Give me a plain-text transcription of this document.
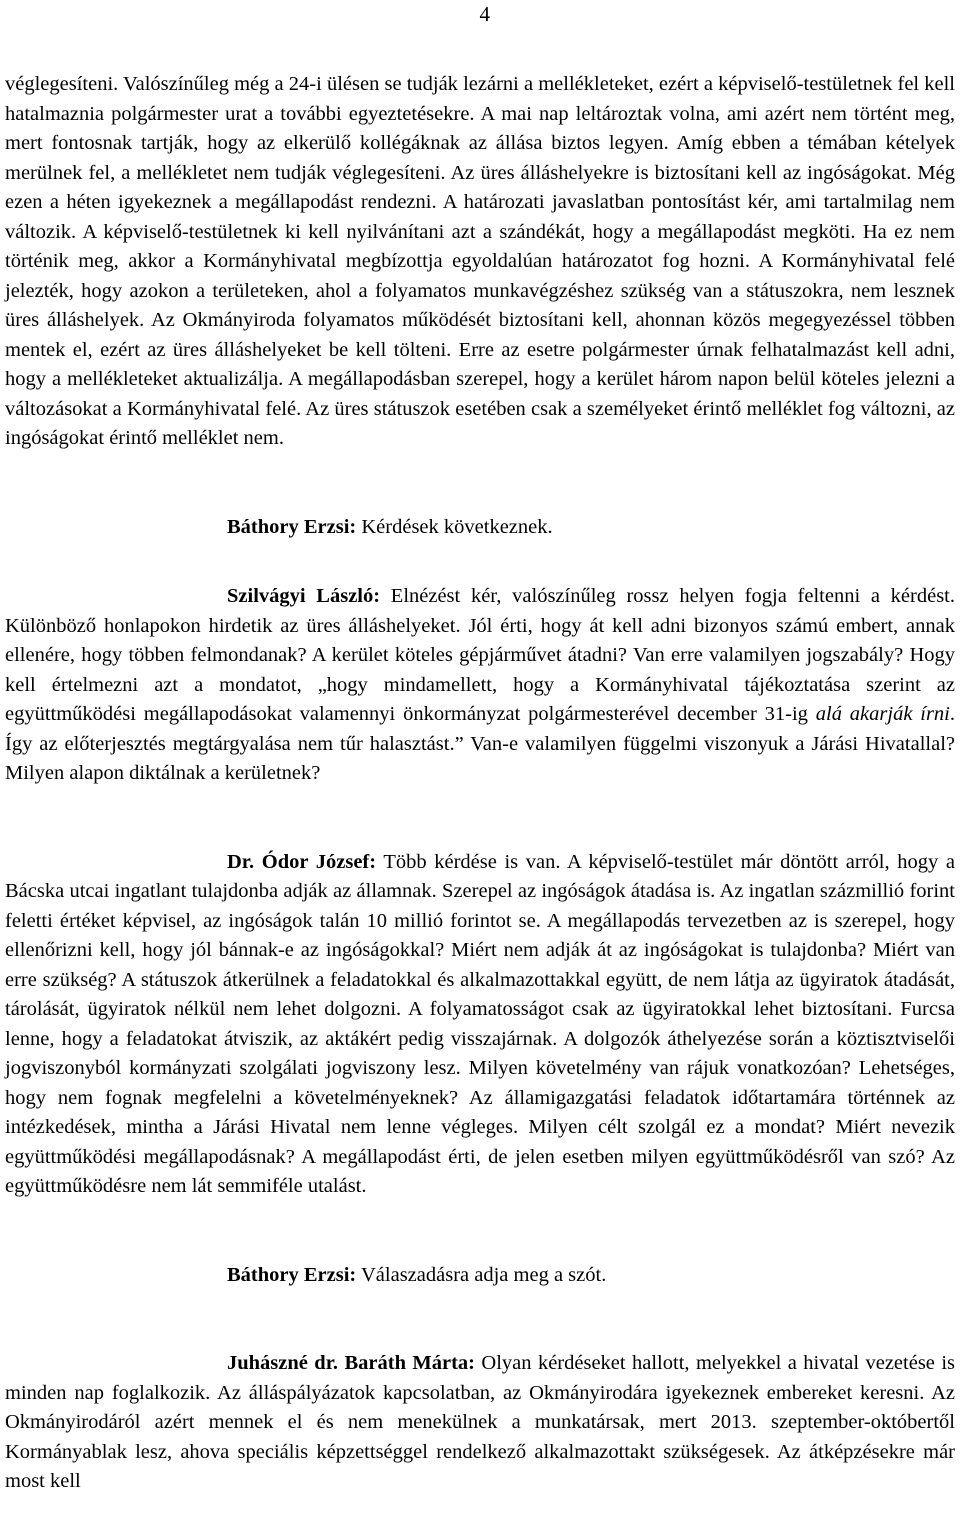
4

véglegesíteni. Valószínűleg még a 24-i ülésen se tudják lezárni a mellékleteket, ezért a képviselő-testületnek fel kell hatalmaznia polgármester urat a további egyeztetésekre. A mai nap leltároztak volna, ami azért nem történt meg, mert fontosnak tartják, hogy az elkerülő kollégáknak az állása biztos legyen. Amíg ebben a témában kételyek merülnek fel, a mellékletet nem tudják véglegesíteni. Az üres álláshelyekre is biztosítani kell az ingóságokat. Még ezen a héten igyekeznek a megállapodást rendezni. A határozati javaslatban pontosítást kér, ami tartalmilag nem változik. A képviselő-testületnek ki kell nyilvánítani azt a szándékát, hogy a megállapodást megköti. Ha ez nem történik meg, akkor a Kormányhivatal megbízottja egyoldalúan határozatot fog hozni. A Kormányhivatal felé jelezték, hogy azokon a területeken, ahol a folyamatos munkavégzéshez szükség van a státuszokra, nem lesznek üres álláshelyek. Az Okmányiroda folyamatos működését biztosítani kell, ahonnan közös megegyezéssel többen mentek el, ezért az üres álláshelyeket be kell tölteni. Erre az esetre polgármester úrnak felhatalmazást kell adni, hogy a mellékleteket aktualizálja. A megállapodásban szerepel, hogy a kerület három napon belül köteles jelezni a változásokat a Kormányhivatal felé. Az üres státuszok esetében csak a személyeket érintő melléklet fog változni, az ingóságokat érintő melléklet nem.

Báthory Erzsi: Kérdések következnek.

Szilvágyi László: Elnézést kér, valószínűleg rossz helyen fogja feltenni a kérdést. Különböző honlapokon hirdetik az üres álláshelyeket. Jól érti, hogy át kell adni bizonyos számú embert, annak ellenére, hogy többen felmondanak? A kerület köteles gépjárművet átadni? Van erre valamilyen jogszabály? Hogy kell értelmezni azt a mondatot, „hogy mindamellett, hogy a Kormányhivatal tájékoztatása szerint az együttműködési megállapodásokat valamennyi önkormányzat polgármesterével december 31-ig alá akarják írni. Így az előterjesztés megtárgyalása nem tűr halasztást.” Van-e valamilyen függelmi viszonyuk a Járási Hivatallal? Milyen alapon diktálnak a kerületnek?

Dr. Ódor József: Több kérdése is van. A képviselő-testület már döntött arról, hogy a Bácska utcai ingatlant tulajdonba adják az államnak. Szerepel az ingóságok átadása is. Az ingatlan százmillió forint feletti értéket képvisel, az ingóságok talán 10 millió forintot se. A megállapodás tervezetben az is szerepel, hogy ellenőrizni kell, hogy jól bánnak-e az ingóságokkal? Miért nem adják át az ingóságokat is tulajdonba? Miért van erre szükség? A státuszok átkerülnek a feladatokkal és alkalmazottakkal együtt, de nem látja az ügyiratok átadását, tárolását, ügyiratok nélkül nem lehet dolgozni. A folyamatosságot csak az ügyiratokkal lehet biztosítani. Furcsa lenne, hogy a feladatokat átviszik, az aktákért pedig visszajárnak. A dolgozók áthelyezése során a köztisztviselői jogviszonyból kormányzati szolgálati jogviszony lesz. Milyen követelmény van rájuk vonatkozóan? Lehetséges, hogy nem fognak megfelelni a követelményeknek? Az államigazgatási feladatok időtartamára történnek az intézkedések, mintha a Járási Hivatal nem lenne végleges. Milyen célt szolgál ez a mondat? Miért nevezik együttműködési megállapodásnak? A megállapodást érti, de jelen esetben milyen együttműködésről van szó? Az együttműködésre nem lát semmiféle utalást.

Báthory Erzsi: Válaszadásra adja meg a szót.

Juhászné dr. Baráth Márta: Olyan kérdéseket hallott, melyekkel a hivatal vezetése is minden nap foglalkozik. Az álláspályázatok kapcsolatban, az Okmányirodára igyekeznek embereket keresni. Az Okmányirodáról azért mennek el és nem menekülnek a munkatársak, mert 2013. szeptember-októbertől Kormányablak lesz, ahova speciális képzettséggel rendelkező alkalmazottakt szükségesek. Az átképzésekre már most kell
